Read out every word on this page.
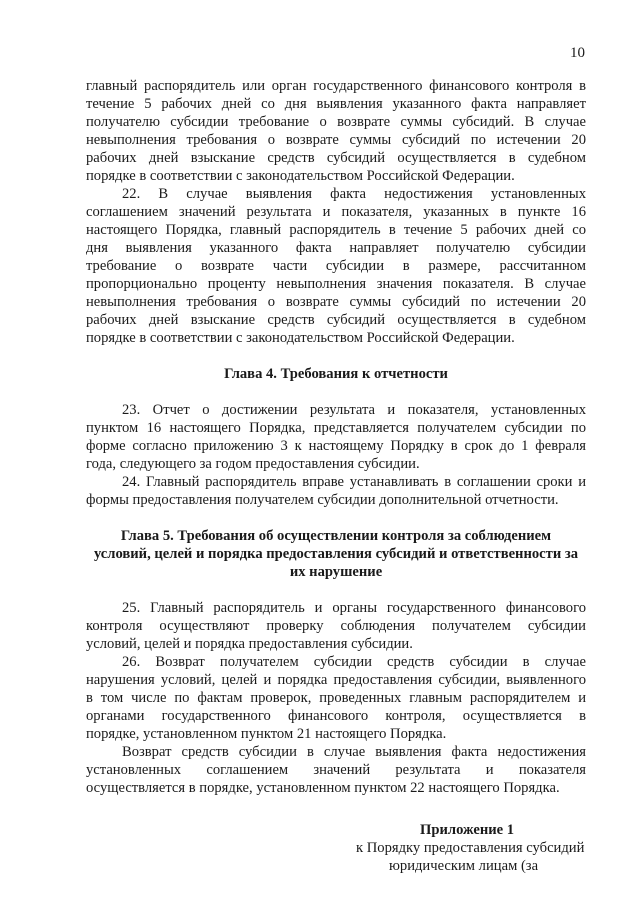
10
главный распорядитель или орган государственного финансового контроля в
течение 5 рабочих дней со дня выявления указанного факта направляет
получателю субсидии требование о возврате суммы субсидий. В случае
невыполнения требования о возврате суммы субсидий по истечении 20
рабочих дней взыскание средств субсидий осуществляется в судебном
порядке в соответствии с законодательством Российской Федерации.
22. В случае выявления факта недостижения установленных
соглашением значений результата и показателя, указанных в пункте 16
настоящего Порядка, главный распорядитель в течение 5 рабочих дней со
дня выявления указанного факта направляет получателю субсидии
требование о возврате части субсидии в размере, рассчитанном
пропорционально проценту невыполнения значения показателя. В случае
невыполнения требования о возврате суммы субсидий по истечении 20
рабочих дней взыскание средств субсидий осуществляется в судебном
порядке в соответствии с законодательством Российской Федерации.
Глава 4. Требования к отчетности
23. Отчет о достижении результата и показателя, установленных
пунктом 16 настоящего Порядка, представляется получателем субсидии по
форме согласно приложению 3 к настоящему Порядку в срок до 1 февраля
года, следующего за годом предоставления субсидии.
24. Главный распорядитель вправе устанавливать в соглашении сроки и
формы предоставления получателем субсидии дополнительной отчетности.
Глава 5. Требования об осуществлении контроля за соблюдением
условий, целей и порядка предоставления субсидий и ответственности за
их нарушение
25. Главный распорядитель и органы государственного финансового
контроля осуществляют проверку соблюдения получателем субсидии
условий, целей и порядка предоставления субсидии.
26. Возврат получателем субсидии средств субсидии в случае
нарушения условий, целей и порядка предоставления субсидии, выявленного
в том числе по фактам проверок, проведенных главным распорядителем и
органами государственного финансового контроля, осуществляется в
порядке, установленном пунктом 21 настоящего Порядка.
Возврат средств субсидии в случае выявления факта недостижения
установленных соглашением значений результата и показателя
осуществляется в порядке, установленном пунктом 22 настоящего Порядка.
Приложение 1
к Порядку предоставления субсидий
юридическим лицам (за
